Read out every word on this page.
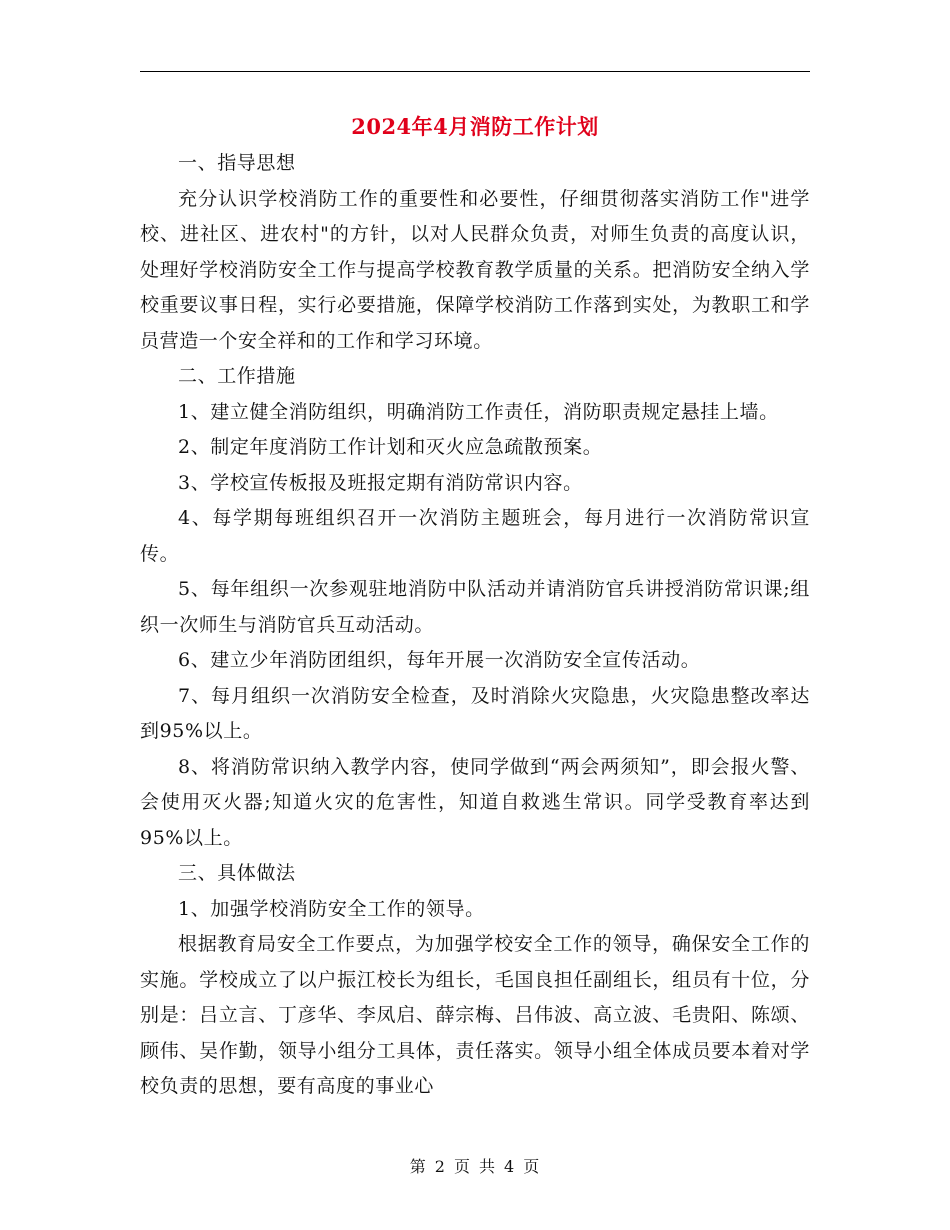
2024年4月消防工作计划

一、指导思想

充分认识学校消防工作的重要性和必要性，仔细贯彻落实消防工作"进学校、进社区、进农村"的方针，以对人民群众负责，对师生负责的高度认识，处理好学校消防安全工作与提高学校教育教学质量的关系。把消防安全纳入学校重要议事日程，实行必要措施，保障学校消防工作落到实处，为教职工和学员营造一个安全祥和的工作和学习环境。

二、工作措施

1、建立健全消防组织，明确消防工作责任，消防职责规定悬挂上墙。

2、制定年度消防工作计划和灭火应急疏散预案。

3、学校宣传板报及班报定期有消防常识内容。

4、每学期每班组织召开一次消防主题班会，每月进行一次消防常识宣传。

5、每年组织一次参观驻地消防中队活动并请消防官兵讲授消防常识课;组织一次师生与消防官兵互动活动。

6、建立少年消防团组织，每年开展一次消防安全宣传活动。

7、每月组织一次消防安全检查，及时消除火灾隐患，火灾隐患整改率达到95%以上。

8、将消防常识纳入教学内容，使同学做到“两会两须知”，即会报火警、会使用灭火器;知道火灾的危害性，知道自救逃生常识。同学受教育率达到95%以上。

三、具体做法

1、加强学校消防安全工作的领导。

根据教育局安全工作要点，为加强学校安全工作的领导，确保安全工作的实施。学校成立了以户振江校长为组长，毛国良担任副组长，组员有十位，分别是：吕立言、丁彦华、李凤启、薛宗梅、吕伟波、高立波、毛贵阳、陈颂、顾伟、吴作勤，领导小组分工具体，责任落实。领导小组全体成员要本着对学校负责的思想，要有高度的事业心

第 2 页 共 4 页
